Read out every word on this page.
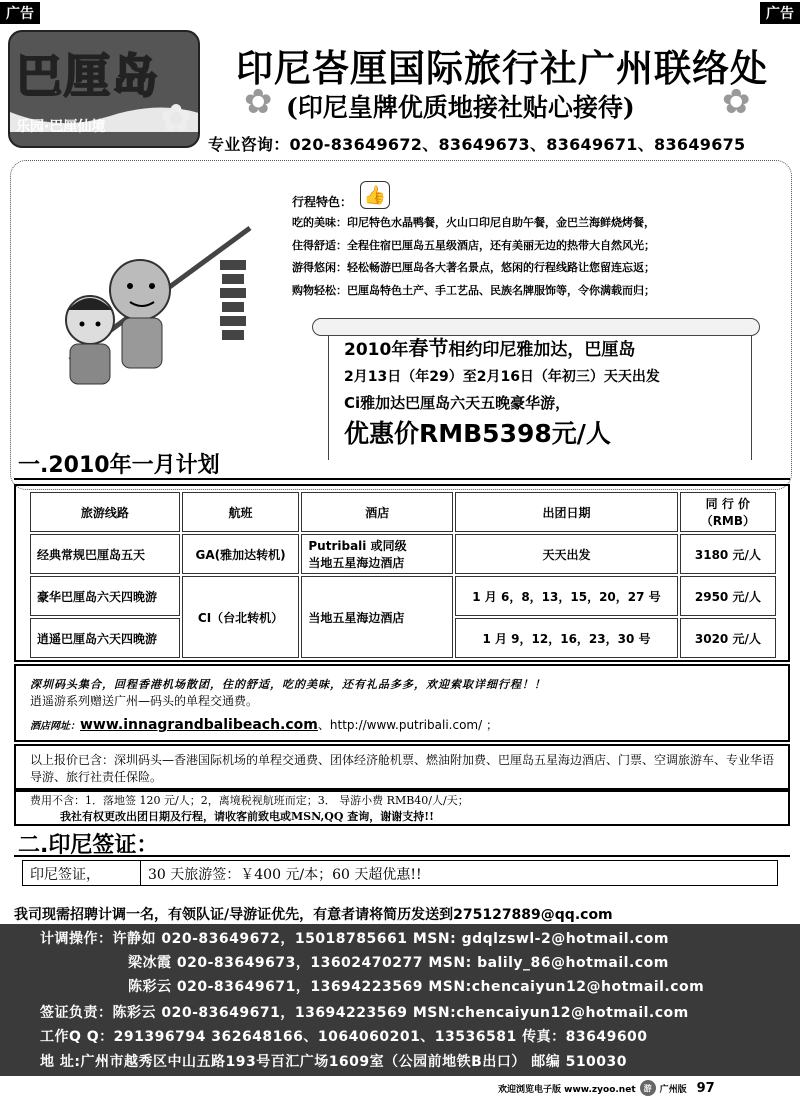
广告	广告
巴厘岛
乐园·巴厘仙境 ✿
印尼峇厘国际旅行社广州联络处
✿ (印尼皇牌优质地接社贴心接待)	✿
专业咨询：020-83649672、83649673、83649671、83649675
行程特色： 👍
吃的美味：印尼特色水晶鸭餐，火山口印尼自助午餐，金巴兰海鲜烧烤餐，
住得舒适：全程住宿巴厘岛五星级酒店，还有美丽无边的热带大自然风光；
游得悠闲：轻松畅游巴厘岛各大著名景点，悠闲的行程线路让您留连忘返；
购物轻松：巴厘岛特色土产、手工艺品、民族名牌服饰等，令你满载而归；
2010年春节相约印尼雅加达，巴厘岛
2月13日（年29）至2月16日（年初三）天天出发
Ci雅加达巴厘岛六天五晚豪华游，
优惠价RMB5398元/人
一.2010年一月计划
旅游线路	航班	酒店	出团日期	同 行 价
（RMB）

经典常规巴厘岛五天	GA(雅加达转机)	Putribali 或同级
当地五星海边酒店	天天出发	3180 元/人
豪华巴厘岛六天四晚游	CI（台北转机）	当地五星海边酒店	1 月 6，8，13，15，20，27 号	2950 元/人
逍遥巴厘岛六天四晚游			1 月 9，12，16，23，30 号	3020 元/人
深圳码头集合，回程香港机场散团，住的舒适，吃的美味，还有礼品多多，欢迎索取详细行程！！
逍遥游系列赠送广州—码头的单程交通费。
酒店网址：www.innagrandbalibeach.com、http://www.putribali.com/ ；
以上报价已含：深圳码头—香港国际机场的单程交通费、团体经济舱机票、燃油附加费、巴厘岛五星海边酒店、门票、空调旅游车、专业华语导游、旅行社责任保险。
费用不含：1．落地签 120 元/人；2，离境税视航班而定；3． 导游小费 RMB40/人/天；
我社有权更改出团日期及行程，请收客前致电或MSN,QQ 查询，谢谢支持!!
二.印尼签证：
印尼签证，	30 天旅游签：￥400 元/本；60 天超优惠!!
我司现需招聘计调一名，有领队证/导游证优先，有意者请将简历发送到275127889@qq.com
计调操作：许静如 020-83649672，15018785661 MSN: gdqlzswl-2@hotmail.com
梁冰霞 020-83649673，13602470277 MSN: balily_86@hotmail.com
陈彩云 020-83649671，13694223569 MSN:chencaiyun12@hotmail.com
签证负责：陈彩云 020-83649671，13694223569 MSN:chencaiyun12@hotmail.com
工作Q Q：291396794 362648166、1064060201、13536581 传真：83649600
地 址:广州市越秀区中山五路193号百汇广场1609室（公园前地铁B出口） 邮编 510030
欢迎浏览电子版 www.zyoo.net	游 广州版 97
